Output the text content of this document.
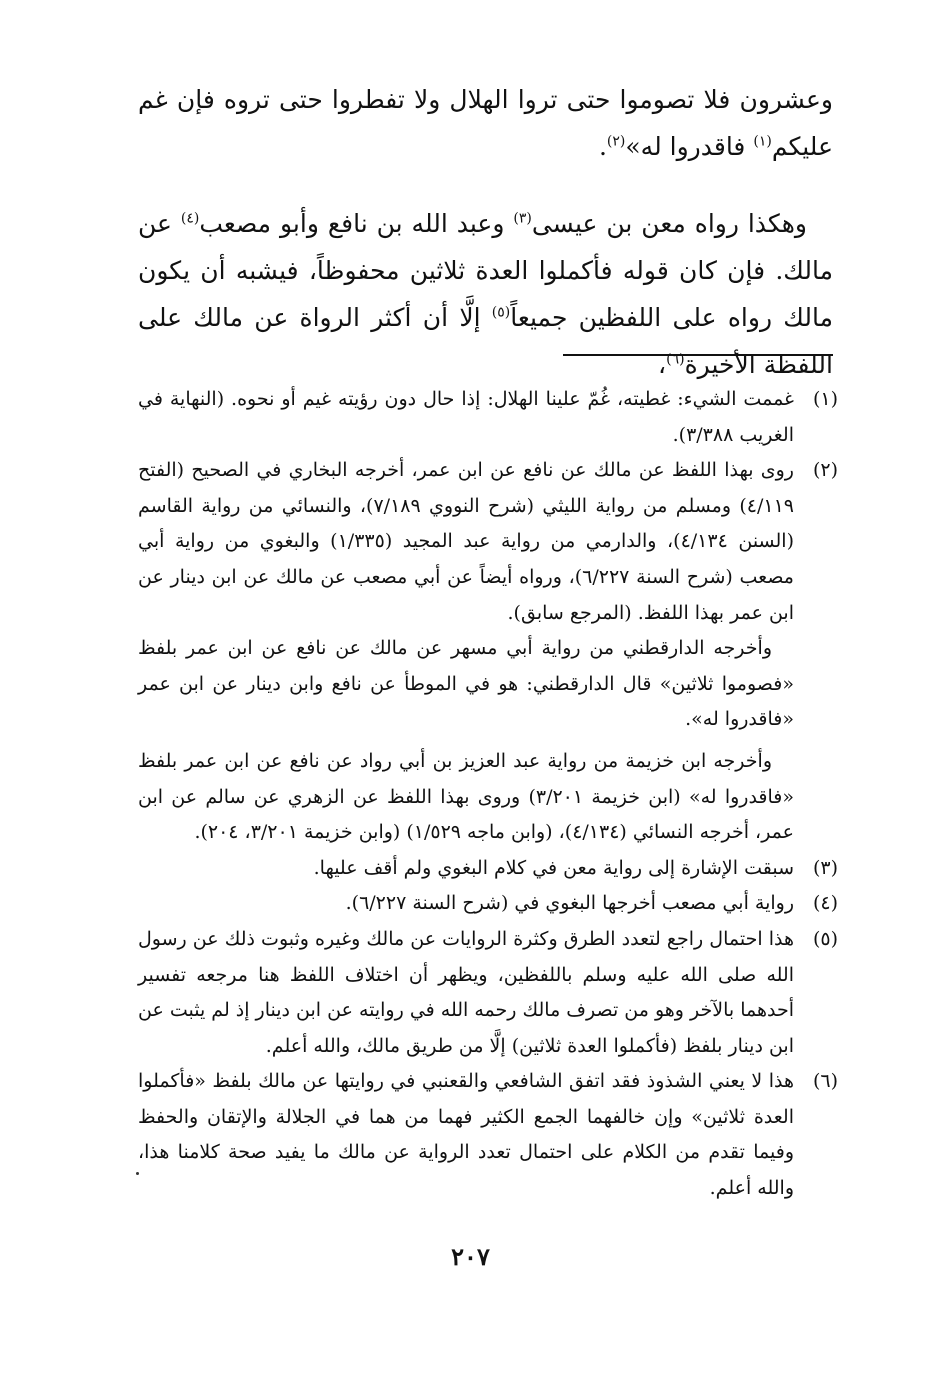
وعشرون فلا تصوموا حتى تروا الهلال ولا تفطروا حتى تروه فإن غم عليكم$^{(١)}$ فاقدروا له»$^{(٢)}$.

وهكذا رواه معن بن عيسى$^{(٣)}$ وعبد الله بن نافع وأبو مصعب$^{(٤)}$ عن مالك. فإن كان قوله فأكملوا العدة ثلاثين محفوظاً، فيشبه أن يكون مالك رواه على اللفظين جميعاً$^{(٥)}$ إلَّا أن أكثر الرواة عن مالك على اللفظة الأخيرة$^{(٦)}$،

(١)

غممت الشيء: غطيته، غُمّ علينا الهلال: إذا حال دون رؤيته غيم أو نحوه. (النهاية في الغريب ٣/٣٨٨).

(٢)

روى بهذا اللفظ عن مالك عن نافع عن ابن عمر، أخرجه البخاري في الصحيح (الفتح ٤/١١٩) ومسلم من رواية الليثي (شرح النووي ٧/١٨٩)، والنسائي من رواية القاسم (السنن ٤/١٣٤)، والدارمي من رواية عبد المجيد (١/٣٣٥) والبغوي من رواية أبي مصعب (شرح السنة ٦/٢٢٧)، ورواه أيضاً عن أبي مصعب عن مالك عن ابن دينار عن ابن عمر بهذا اللفظ. (المرجع سابق).

وأخرجه الدارقطني من رواية أبي مسهر عن مالك عن نافع عن ابن عمر بلفظ «فصوموا ثلاثين» قال الدارقطني: هو في الموطأ عن نافع وابن دينار عن ابن عمر «فاقدروا له».

وأخرجه ابن خزيمة من رواية عبد العزيز بن أبي رواد عن نافع عن ابن عمر بلفظ «فاقدروا له» (ابن خزيمة ٣/٢٠١) وروى بهذا اللفظ عن الزهري عن سالم عن ابن عمر، أخرجه النسائي (٤/١٣٤)، (وابن ماجه ١/٥٢٩) (وابن خزيمة ٣/٢٠١، ٢٠٤).

(٣)

سبقت الإشارة إلى رواية معن في كلام البغوي ولم أقف عليها.

(٤)

رواية أبي مصعب أخرجها البغوي في (شرح السنة ٦/٢٢٧).

(٥)

هذا احتمال راجع لتعدد الطرق وكثرة الروايات عن مالك وغيره وثبوت ذلك عن رسول الله صلى الله عليه وسلم باللفظين، ويظهر أن اختلاف اللفظ هنا مرجعه تفسير أحدهما بالآخر وهو من تصرف مالك رحمه الله في روايته عن ابن دينار إذ لم يثبت عن ابن دينار بلفظ (فأكملوا العدة ثلاثين) إلَّا من طريق مالك، والله أعلم.

(٦)

هذا لا يعني الشذوذ فقد اتفق الشافعي والقعنبي في روايتها عن مالك بلفظ «فأكملوا العدة ثلاثين» وإن خالفهما الجمع الكثير فهما من هما في الجلالة والإتقان والحفظ وفيما تقدم من الكلام على احتمال تعدد الرواية عن مالك ما يفيد صحة كلامنا هذا، والله أعلم.

٢٠٧
